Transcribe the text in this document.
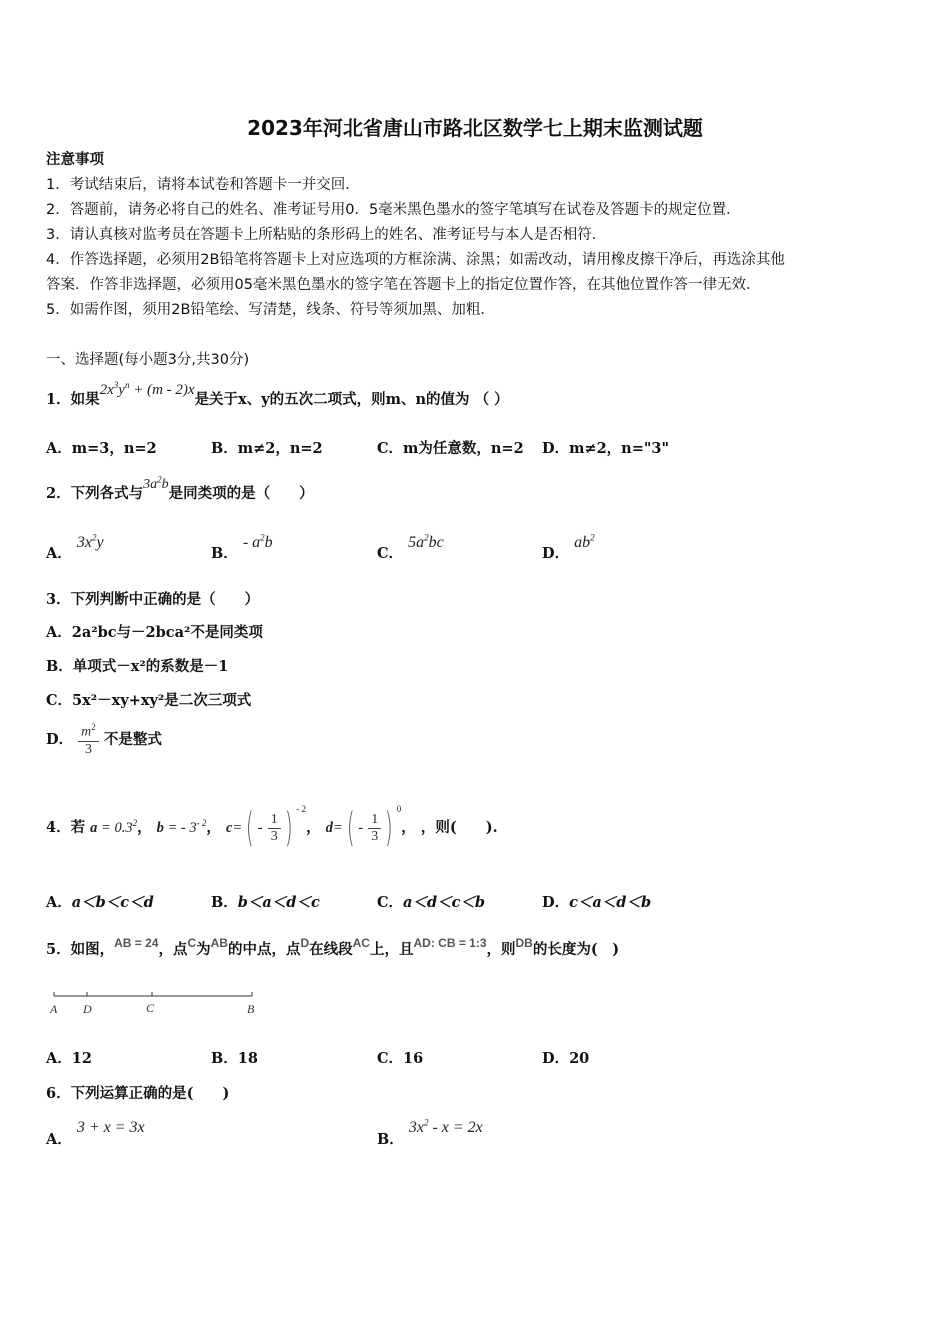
2023年河北省唐山市路北区数学七上期末监测试题
注意事项
1．考试结束后，请将本试卷和答题卡一并交回．
2．答题前，请务必将自己的姓名、准考证号用0．5毫米黑色墨水的签字笔填写在试卷及答题卡的规定位置．
3．请认真核对监考员在答题卡上所粘贴的条形码上的姓名、准考证号与本人是否相符．
4．作答选择题，必须用2B铅笔将答题卡上对应选项的方框涂满、涂黑；如需改动，请用橡皮擦干净后，再选涂其他
答案．作答非选择题，必须用05毫米黑色墨水的签字笔在答题卡上的指定位置作答，在其他位置作答一律无效．
5．如需作图，须用2B铅笔绘、写清楚，线条、符号等须加黑、加粗．
一、选择题(每小题3分,共30分)
1．如果$2x^3y^n + (m - 2)x$是关于x、y的五次二项式，则m、n的值为 （ ）
A．m=3，n=2	B．m≠2，n=2	C．m为任意数，n=2 D．m≠2，n="3"
2．下列各式与$3a^2b$是同类项的是（　　）
A． $3x^2y$
B． - $a^2b$
C． $5a^2bc$
D． $ab^2$
3．下列判断中正确的是（　　）
A．2a²bc与－2bca²不是同类项
B．单项式－x²的系数是－1
C．5x²－xy+xy²是二次三项式
D． $\frac{m^2}{3}$ 不是整式
4．若 $a = 0.3^2$， b = - $3^{- 2}$， $c=( - \frac{1}{3}$ ) $^{- 2}$， $d=( - \frac{1}{3}$ ) $^0$， ，则(　　).
A．a＜b＜c＜d	B．b＜a＜d＜c	C．a＜d＜c＜b	D．c＜a＜d＜b
5．如图，AB = 24，点C为AB的中点，点D在线段AC上，且AD: CB = 1:3，则DB的长度为(　)
A D	C	B
A．12	B．18	C．16	D．20
6．下列运算正确的是(　　)
A． 3 + x = 3x
B． $3x^2 - x = 2x$
